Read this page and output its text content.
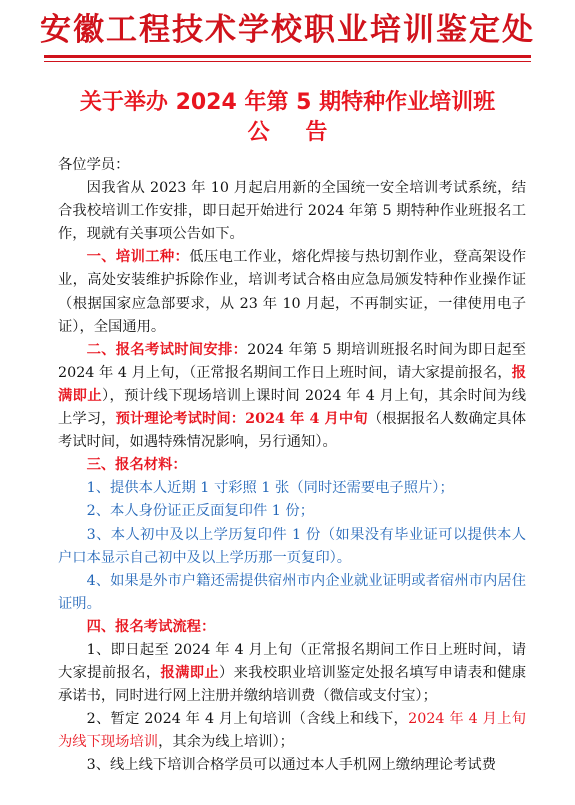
安徽工程技术学校职业培训鉴定处
关于举办 2024 年第 5 期特种作业培训班
公 告

各位学员：

因我省从 2023 年 10 月起启用新的全国统一安全培训考试系统，结合我校培训工作安排，即日起开始进行 2024 年第 5 期特种作业班报名工作，现就有关事项公告如下。

一、培训工种：低压电工作业，熔化焊接与热切割作业，登高架设作业，高处安装维护拆除作业，培训考试合格由应急局颁发特种作业操作证（根据国家应急部要求，从 23 年 10 月起，不再制实证，一律使用电子证），全国通用。

二、报名考试时间安排：2024 年第 5 期培训班报名时间为即日起至 2024 年 4 月上旬，（正常报名期间工作日上班时间，请大家提前报名，报满即止），预计线下现场培训上课时间 2024 年 4 月上旬，其余时间为线上学习，预计理论考试时间：2024 年 4 月中旬（根据报名人数确定具体考试时间，如遇特殊情况影响，另行通知）。

三、报名材料：

1、提供本人近期 1 寸彩照 1 张（同时还需要电子照片）；

2、本人身份证正反面复印件 1 份；

3、本人初中及以上学历复印件 1 份（如果没有毕业证可以提供本人户口本显示自己初中及以上学历那一页复印）。

4、如果是外市户籍还需提供宿州市内企业就业证明或者宿州市内居住证明。

四、报名考试流程：

1、即日起至 2024 年 4 月上旬（正常报名期间工作日上班时间，请大家提前报名，报满即止）来我校职业培训鉴定处报名填写申请表和健康承诺书，同时进行网上注册并缴纳培训费（微信或支付宝）；

2、暂定 2024 年 4 月上旬培训（含线上和线下，2024 年 4 月上旬为线下现场培训，其余为线上培训）；

3、线上线下培训合格学员可以通过本人手机网上缴纳理论考试费
